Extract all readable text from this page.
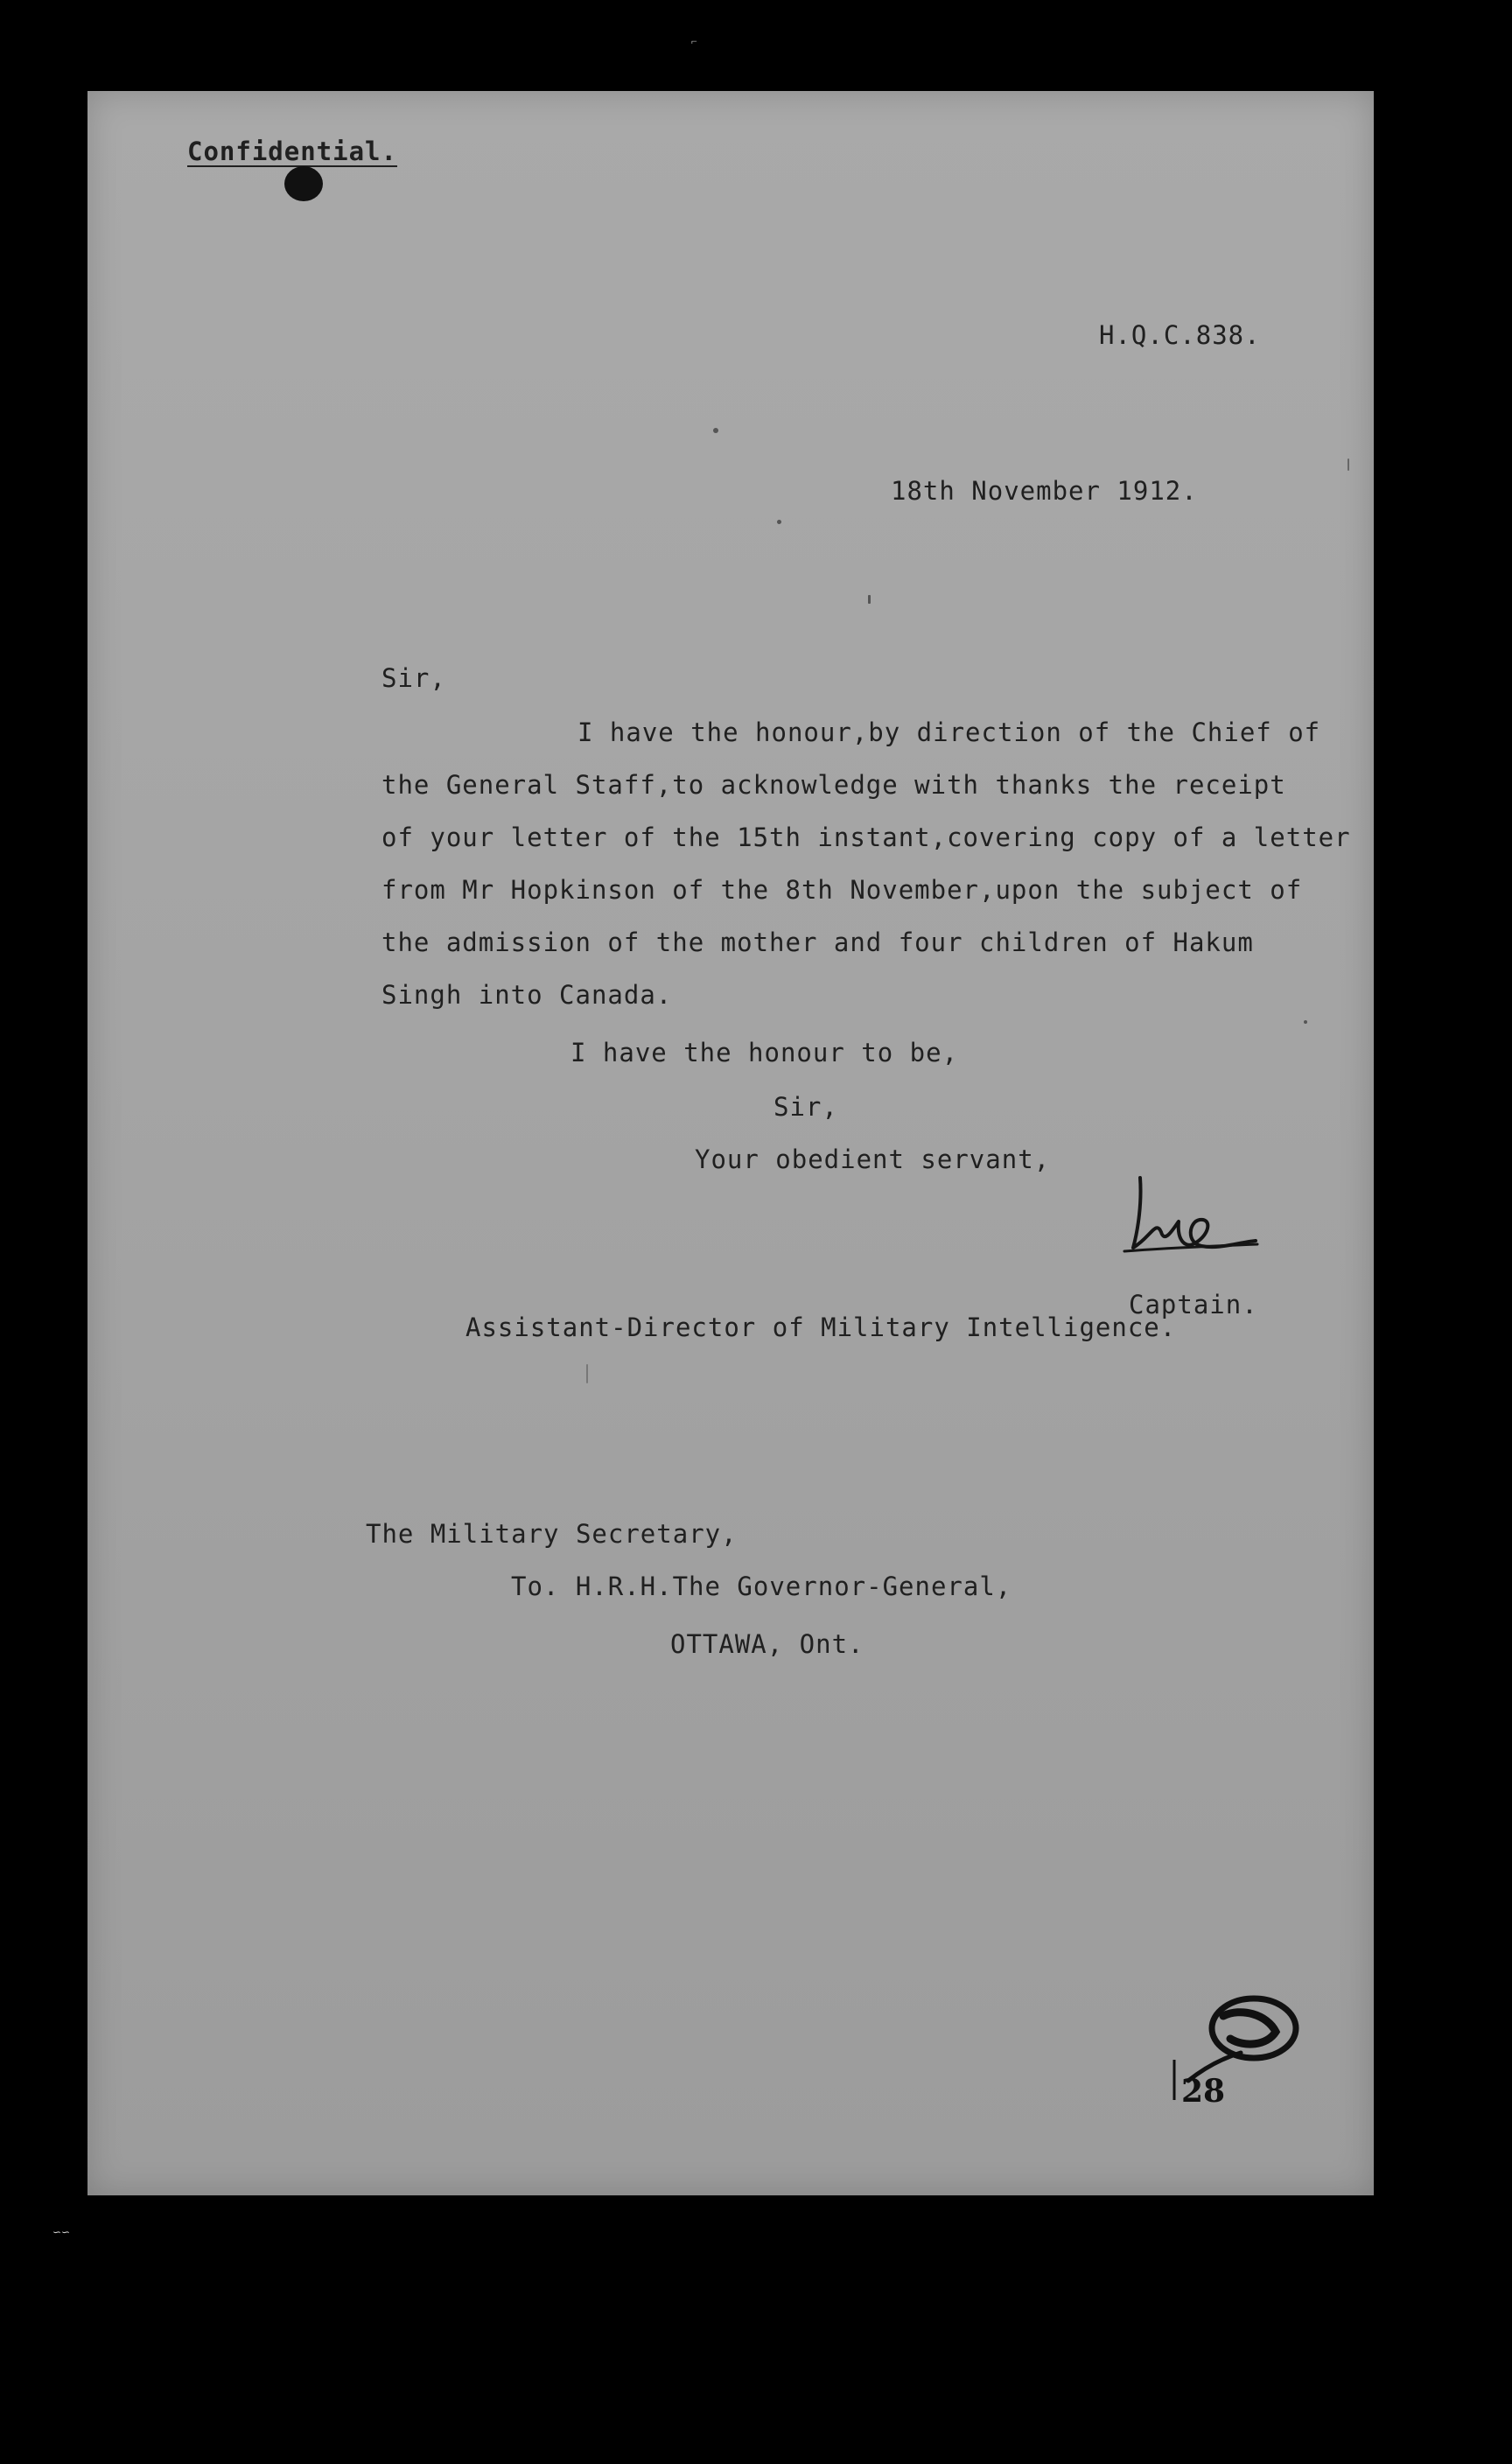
Confidential.
H.Q.C.838.
18th November 1912.
Sir,
I have the honour,by direction of the Chief of
the General Staff,to acknowledge with thanks the receipt
of your letter of the 15th instant,covering copy of a letter
from Mr Hopkinson of the 8th November,upon the subject of
the admission of the mother and four children of Hakum
Singh into Canada.
I have the honour to be,
Sir,
Your obedient servant,
Captain.
Assistant-Director of Military Intelligence.
The Military Secretary,
To. H.R.H.The Governor-General,
OTTAWA, Ont.
28
⌐
∽∽
